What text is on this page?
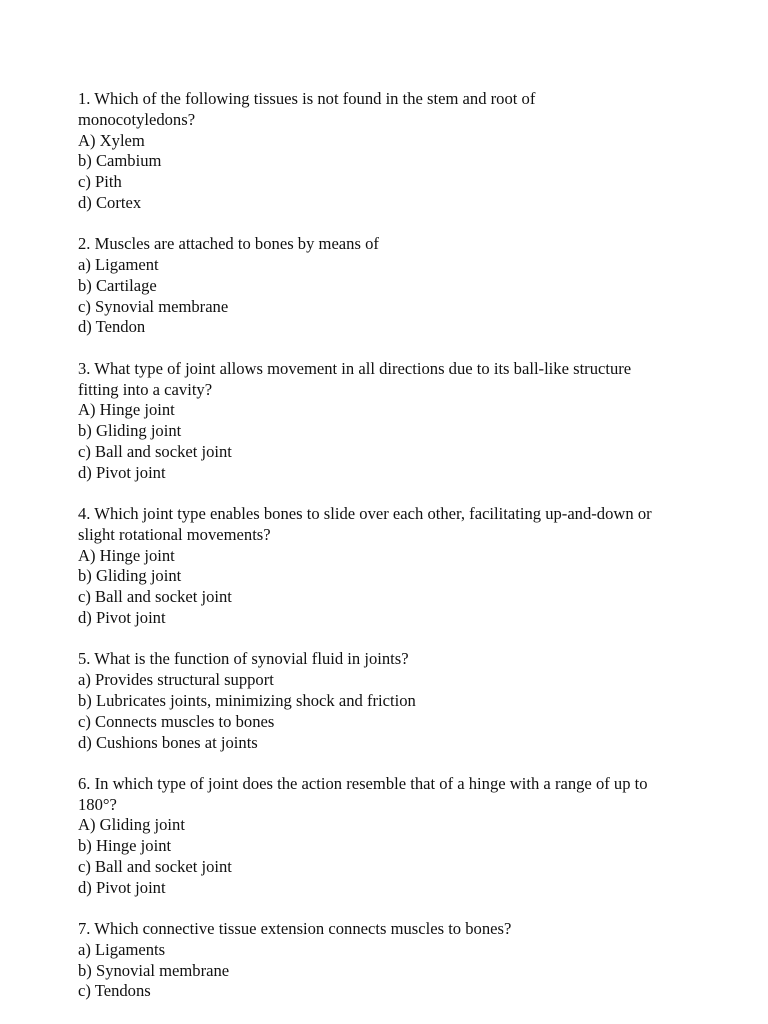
1. Which of the following tissues is not found in the stem and root of

monocotyledons?

A) Xylem

b) Cambium

c) Pith

d) Cortex

2. Muscles are attached to bones by means of

a) Ligament

b) Cartilage

c) Synovial membrane

d) Tendon

3. What type of joint allows movement in all directions due to its ball-like structure

fitting into a cavity?

A) Hinge joint

b) Gliding joint

c) Ball and socket joint

d) Pivot joint

4. Which joint type enables bones to slide over each other, facilitating up-and-down or

slight rotational movements?

A) Hinge joint

b) Gliding joint

c) Ball and socket joint

d) Pivot joint

5. What is the function of synovial fluid in joints?

a) Provides structural support

b) Lubricates joints, minimizing shock and friction

c) Connects muscles to bones

d) Cushions bones at joints

6. In which type of joint does the action resemble that of a hinge with a range of up to

180°?

A) Gliding joint

b) Hinge joint

c) Ball and socket joint

d) Pivot joint

7. Which connective tissue extension connects muscles to bones?

a) Ligaments

b) Synovial membrane

c) Tendons
